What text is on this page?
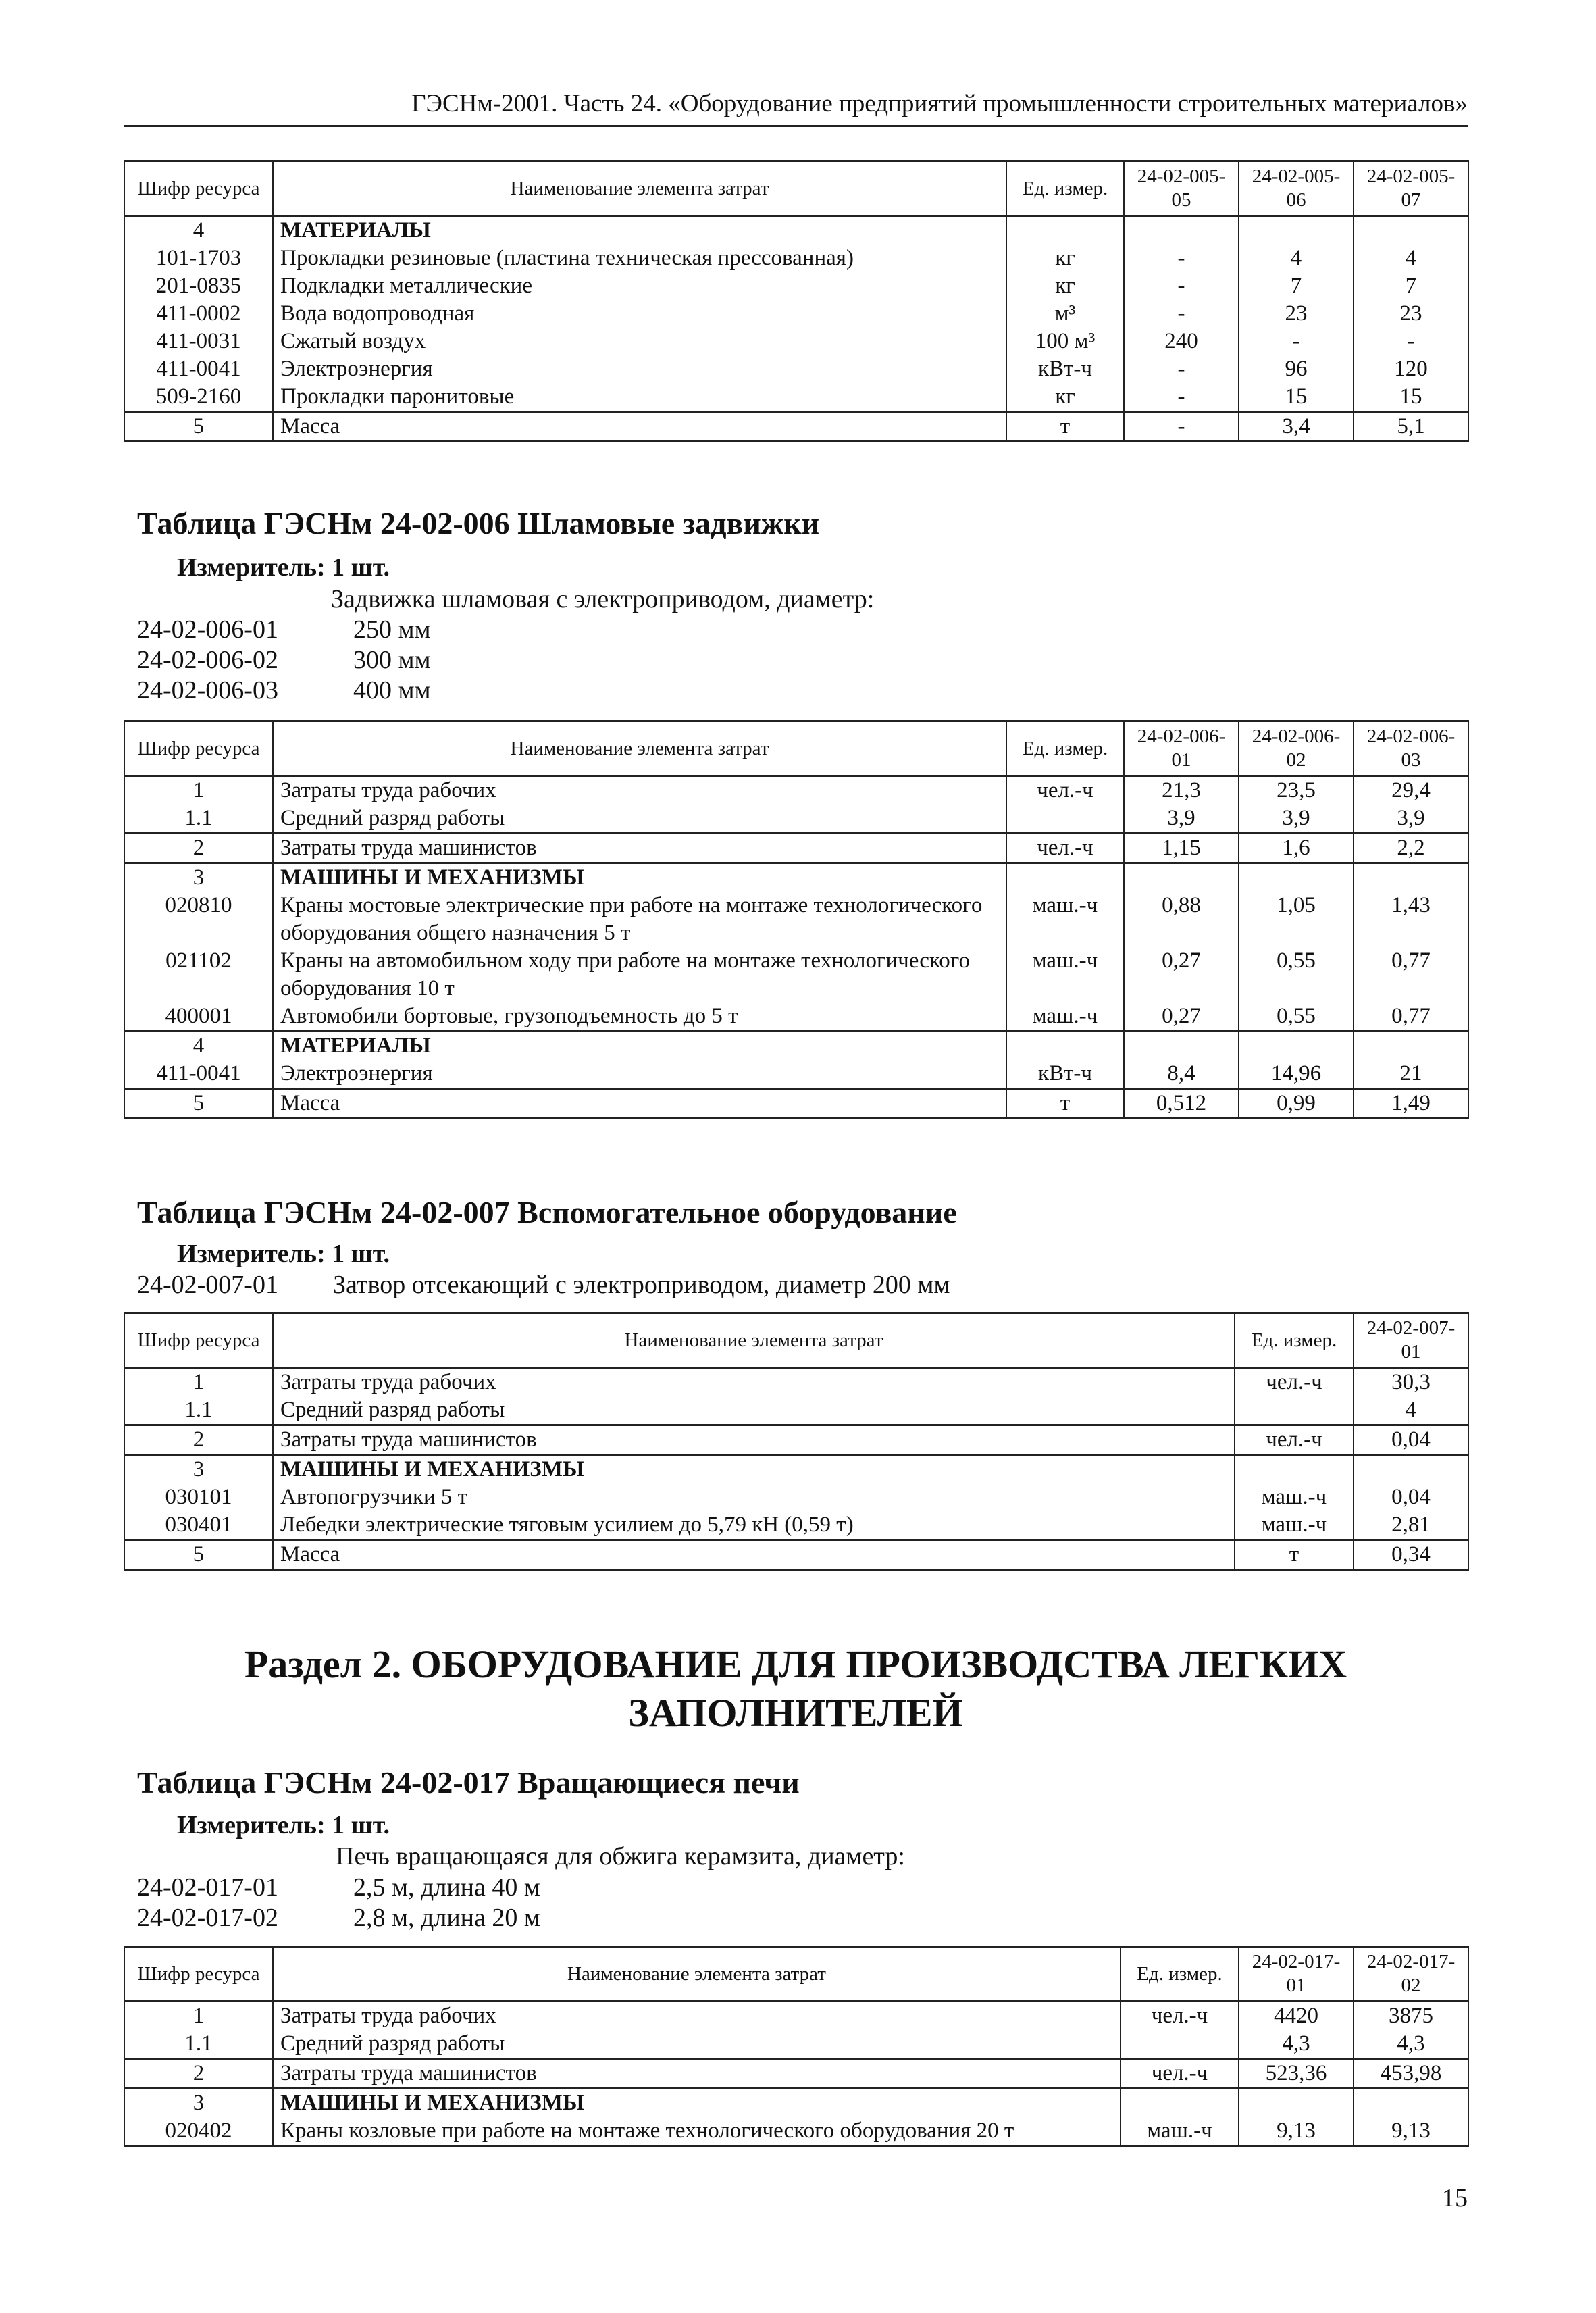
ГЭСНм-2001. Часть 24. «Оборудование предприятий промышленности строительных материалов»
Шифр ресурса	Наименование элемента затрат	Ед. измер.	24-02-005-05	24-02-005-06	24-02-005-07
4	МАТЕРИАЛЫ				
101-1703	Прокладки резиновые (пластина техническая прессованная)	кг	-	4	4
201-0835	Подкладки металлические	кг	-	7	7
411-0002	Вода водопроводная	м³	-	23	23
411-0031	Сжатый воздух	100 м³	240	-	-
411-0041	Электроэнергия	кВт-ч	-	96	120
509-2160	Прокладки паронитовые	кг	-	15	15
5	Масса	т	-	3,4	5,1
Таблица ГЭСНм 24-02-006 Шламовые задвижки
Измеритель: 1 шт.
Задвижка шламовая с электроприводом, диаметр:
24-02-006-01	250 мм
24-02-006-02	300 мм
24-02-006-03	400 мм
Шифр ресурса	Наименование элемента затрат	Ед. измер.	24-02-006-01	24-02-006-02	24-02-006-03
1	Затраты труда рабочих	чел.-ч	21,3	23,5	29,4
1.1	Средний разряд работы		3,9	3,9	3,9
2	Затраты труда машинистов	чел.-ч	1,15	1,6	2,2
3	МАШИНЫ И МЕХАНИЗМЫ				
020810	Краны мостовые электрические при работе на монтаже технологического оборудования общего назначения 5 т	маш.-ч	0,88	1,05	1,43
021102	Краны на автомобильном ходу при работе на монтаже технологического оборудования 10 т	маш.-ч	0,27	0,55	0,77
400001	Автомобили бортовые, грузоподъемность до 5 т	маш.-ч	0,27	0,55	0,77
4	МАТЕРИАЛЫ				
411-0041	Электроэнергия	кВт-ч	8,4	14,96	21
5	Масса	т	0,512	0,99	1,49
Таблица ГЭСНм 24-02-007 Вспомогательное оборудование
Измеритель: 1 шт.
24-02-007-01 Затвор отсекающий с электроприводом, диаметр 200 мм
Шифр ресурса	Наименование элемента затрат	Ед. измер.	24-02-007-01
1	Затраты труда рабочих	чел.-ч	30,3
1.1	Средний разряд работы		4
2	Затраты труда машинистов	чел.-ч	0,04
3	МАШИНЫ И МЕХАНИЗМЫ		
030101	Автопогрузчики 5 т	маш.-ч	0,04
030401	Лебедки электрические тяговым усилием до 5,79 кН (0,59 т)	маш.-ч	2,81
5	Масса	т	0,34
Раздел 2. ОБОРУДОВАНИЕ ДЛЯ ПРОИЗВОДСТВА ЛЕГКИХ
ЗАПОЛНИТЕЛЕЙ
Таблица ГЭСНм 24-02-017 Вращающиеся печи
Измеритель: 1 шт.
Печь вращающаяся для обжига керамзита, диаметр:
24-02-017-01	2,5 м, длина 40 м
24-02-017-02	2,8 м, длина 20 м
Шифр ресурса	Наименование элемента затрат	Ед. измер.	24-02-017-01	24-02-017-02
1	Затраты труда рабочих	чел.-ч	4420	3875
1.1	Средний разряд работы		4,3	4,3
2	Затраты труда машинистов	чел.-ч	523,36	453,98
3	МАШИНЫ И МЕХАНИЗМЫ			
020402	Краны козловые при работе на монтаже технологического оборудования 20 т	маш.-ч	9,13	9,13
15
